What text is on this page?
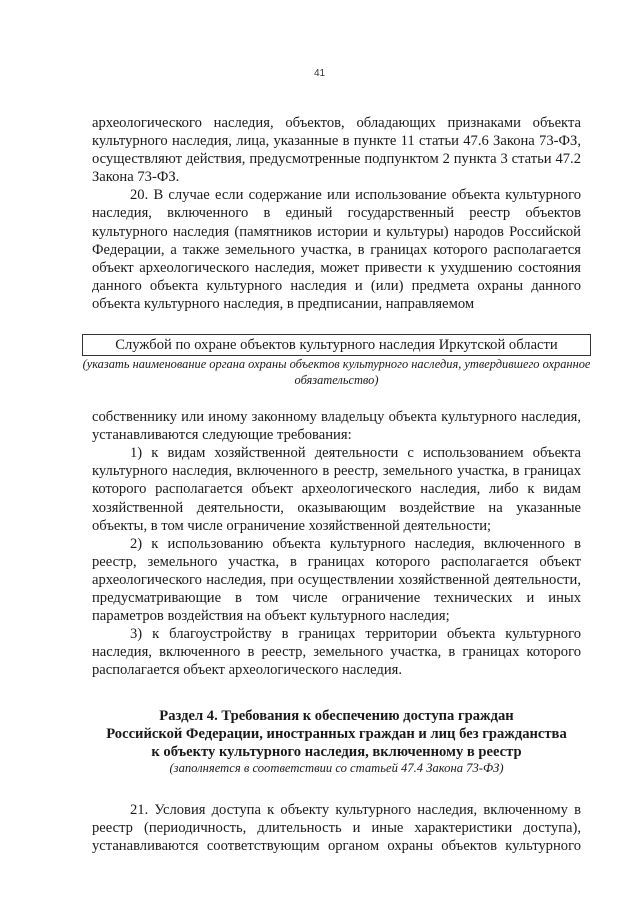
41

археологического наследия, объектов, обладающих признаками объекта культурного наследия, лица, указанные в пункте 11 статьи 47.6 Закона 73-ФЗ, осуществляют действия, предусмотренные подпунктом 2 пункта 3 статьи 47.2 Закона 73-ФЗ.

20. В случае если содержание или использование объекта культурного наследия, включенного в единый государственный реестр объектов культурного наследия (памятников истории и культуры) народов Российской Федерации, а также земельного участка, в границах которого располагается объект археологического наследия, может привести к ухудшению состояния данного объекта культурного наследия и (или) предмета охраны данного объекта культурного наследия, в предписании, направляемом

Службой по охране объектов культурного наследия Иркутской области
(указать наименование органа охраны объектов культурного наследия, утвердившего охранное обязательство)

собственнику или иному законному владельцу объекта культурного наследия, устанавливаются следующие требования:

1) к видам хозяйственной деятельности с использованием объекта культурного наследия, включенного в реестр, земельного участка, в границах которого располагается объект археологического наследия, либо к видам хозяйственной деятельности, оказывающим воздействие на указанные объекты, в том числе ограничение хозяйственной деятельности;

2) к использованию объекта культурного наследия, включенного в реестр, земельного участка, в границах которого располагается объект археологического наследия, при осуществлении хозяйственной деятельности, предусматривающие в том числе ограничение технических и иных параметров воздействия на объект культурного наследия;

3) к благоустройству в границах территории объекта культурного наследия, включенного в реестр, земельного участка, в границах которого располагается объект археологического наследия.

Раздел 4. Требования к обеспечению доступа граждан
Российской Федерации, иностранных граждан и лиц без гражданства
к объекту культурного наследия, включенному в реестр
(заполняется в соответствии со статьей 47.4 Закона 73-ФЗ)

21. Условия доступа к объекту культурного наследия, включенному в реестр (периодичность, длительность и иные характеристики доступа), устанавливаются соответствующим органом охраны объектов культурного
